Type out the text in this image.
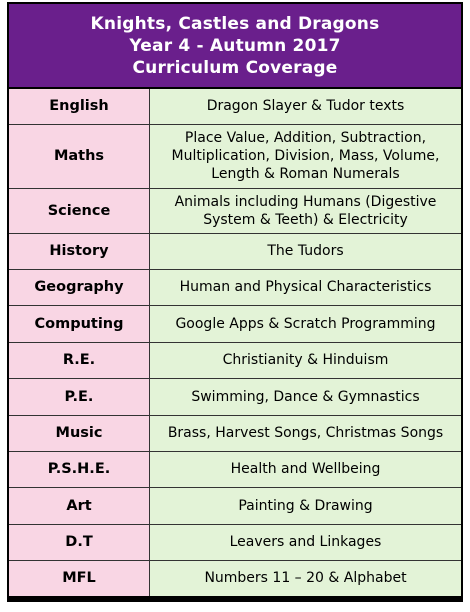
Knights, Castles and Dragons
Year 4 - Autumn 2017
Curriculum Coverage
English	Dragon Slayer & Tudor texts
Maths	Place Value, Addition, Subtraction, Multiplication, Division, Mass, Volume, Length & Roman Numerals
Science	Animals including Humans (Digestive System & Teeth) & Electricity
History	The Tudors
Geography	Human and Physical Characteristics
Computing	Google Apps & Scratch Programming
R.E.	Christianity & Hinduism
P.E.	Swimming, Dance & Gymnastics
Music	Brass, Harvest Songs, Christmas Songs
P.S.H.E.	Health and Wellbeing
Art	Painting & Drawing
D.T	Leavers and Linkages
MFL	Numbers 11 – 20 & Alphabet
